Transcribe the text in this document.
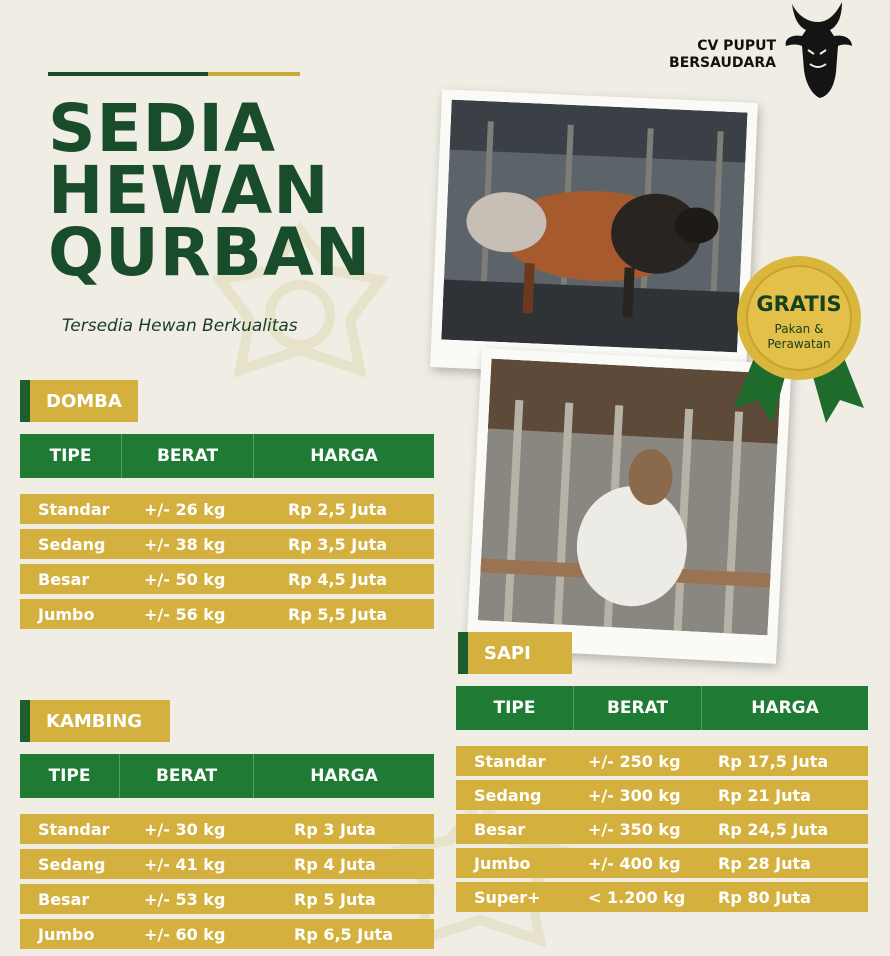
SEDIA
HEWAN
QURBAN
Tersedia Hewan Berkualitas
CV PUPUT
BERSAUDARA
GRATIS
Pakan &
Perawatan
DOMBA
TIPE	BERAT	HARGA
Standar	+/- 26 kg	Rp 2,5 Juta
Sedang	+/- 38 kg	Rp 3,5 Juta
Besar	+/- 50 kg	Rp 4,5 Juta
Jumbo	+/- 56 kg	Rp 5,5 Juta
KAMBING
TIPE	BERAT	HARGA
Standar	+/- 30 kg	Rp 3 Juta
Sedang	+/- 41 kg	Rp 4 Juta
Besar	+/- 53 kg	Rp 5 Juta
Jumbo	+/- 60 kg	Rp 6,5 Juta
SAPI
TIPE	BERAT	HARGA
Standar	+/- 250 kg	Rp 17,5 Juta
Sedang	+/- 300 kg	Rp 21 Juta
Besar	+/- 350 kg	Rp 24,5 Juta
Jumbo	+/- 400 kg	Rp 28 Juta
Super+	< 1.200 kg	Rp 80 Juta
